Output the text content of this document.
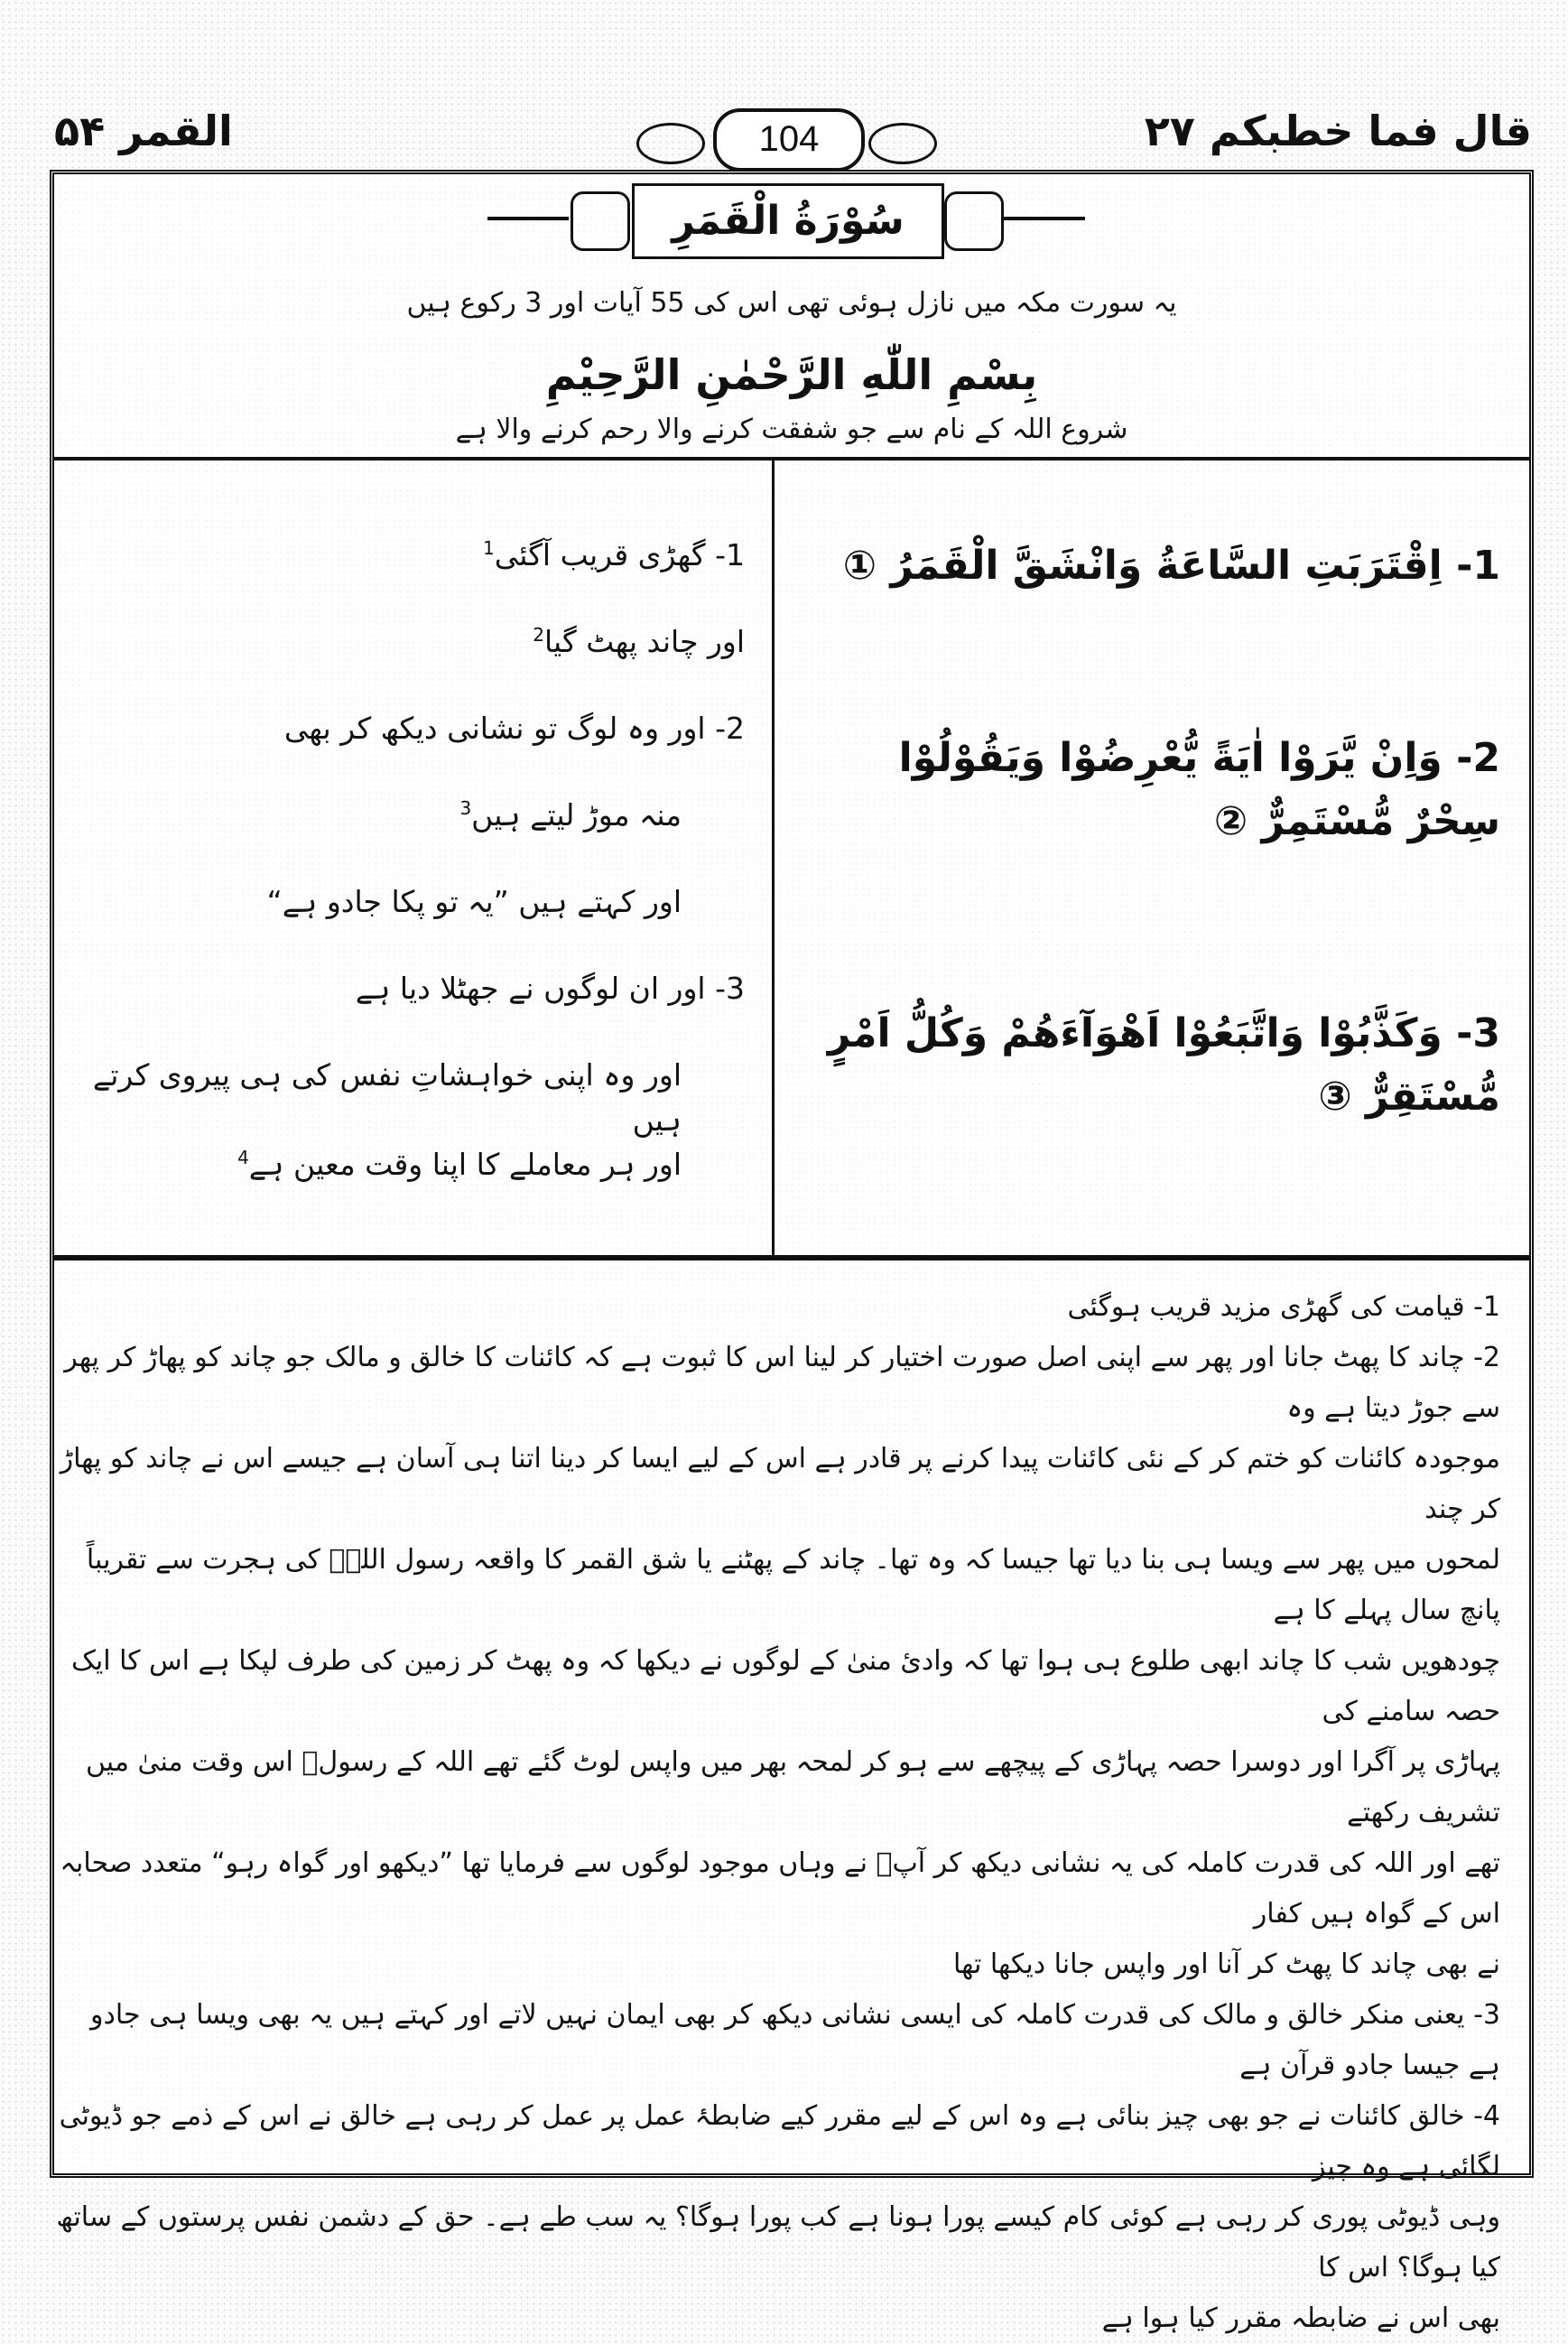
القمر ۵۴	104	قال فما خطبكم ۲۷
سُوْرَةُ الْقَمَرِ
یہ سورت مکہ میں نازل ہوئی تھی اس کی 55 آیات اور 3 رکوع ہیں
بِسْمِ اللّٰهِ الرَّحْمٰنِ الرَّحِيْمِ
شروع اللہ کے نام سے جو شفقت کرنے والا رحم کرنے والا ہے
1- اِقْتَرَبَتِ السَّاعَةُ وَانْشَقَّ الْقَمَرُ ①
2- وَاِنْ يَّرَوْا اٰيَةً يُّعْرِضُوْا وَيَقُوْلُوْا سِحْرٌ مُّسْتَمِرٌّ ②
3- وَكَذَّبُوْا وَاتَّبَعُوْا اَهْوَآءَهُمْ وَكُلُّ اَمْرٍ مُّسْتَقِرٌّ ③
1- گھڑی قریب آگئی$^1$
اور چاند پھٹ گیا$^2$
2- اور وہ لوگ تو نشانی دیکھ کر بھی
منہ موڑ لیتے ہیں$^3$
اور کہتے ہیں ”یہ تو پکا جادو ہے“
3- اور ان لوگوں نے جھٹلا دیا ہے
اور وہ اپنی خواہشاتِ نفس کی ہی پیروی کرتے ہیں
اور ہر معاملے کا اپنا وقت معین ہے$^4$
1- قیامت کی گھڑی مزید قریب ہوگئی
2- چاند کا پھٹ جانا اور پھر سے اپنی اصل صورت اختیار کر لینا اس کا ثبوت ہے کہ کائنات کا خالق و مالک جو چاند کو پھاڑ کر پھر سے جوڑ دیتا ہے وہ
موجودہ کائنات کو ختم کر کے نئی کائنات پیدا کرنے پر قادر ہے اس کے لیے ایسا کر دینا اتنا ہی آسان ہے جیسے اس نے چاند کو پھاڑ کر چند
لمحوں میں پھر سے ویسا ہی بنا دیا تھا جیسا کہ وہ تھا۔ چاند کے پھٹنے یا شق القمر کا واقعہ رسول اللہؐ کی ہجرت سے تقریباً پانچ سال پہلے کا ہے
چودھویں شب کا چاند ابھی طلوع ہی ہوا تھا کہ وادیٔ منیٰ کے لوگوں نے دیکھا کہ وہ پھٹ کر زمین کی طرف لپکا ہے اس کا ایک حصہ سامنے کی
پہاڑی پر آگرا اور دوسرا حصہ پہاڑی کے پیچھے سے ہو کر لمحہ بھر میں واپس لوٹ گئے تھے اللہ کے رسولؐ اس وقت منیٰ میں تشریف رکھتے
تھے اور اللہ کی قدرت کاملہ کی یہ نشانی دیکھ کر آپؐ نے وہاں موجود لوگوں سے فرمایا تھا ”دیکھو اور گواہ رہو“ متعدد صحابہ اس کے گواہ ہیں کفار
نے بھی چاند کا پھٹ کر آنا اور واپس جانا دیکھا تھا
3- یعنی منکر خالق و مالک کی قدرت کاملہ کی ایسی نشانی دیکھ کر بھی ایمان نہیں لاتے اور کہتے ہیں یہ بھی ویسا ہی جادو ہے جیسا جادو قرآن ہے
4- خالق کائنات نے جو بھی چیز بنائی ہے وہ اس کے لیے مقرر کیے ضابطۂ عمل پر عمل کر رہی ہے خالق نے اس کے ذمے جو ڈیوٹی لگائی ہے وہ چیز
وہی ڈیوٹی پوری کر رہی ہے کوئی کام کیسے پورا ہونا ہے کب پورا ہوگا؟ یہ سب طے ہے۔ حق کے دشمن نفس پرستوں کے ساتھ کیا ہوگا؟ اس کا
بھی اس نے ضابطہ مقرر کیا ہوا ہے
